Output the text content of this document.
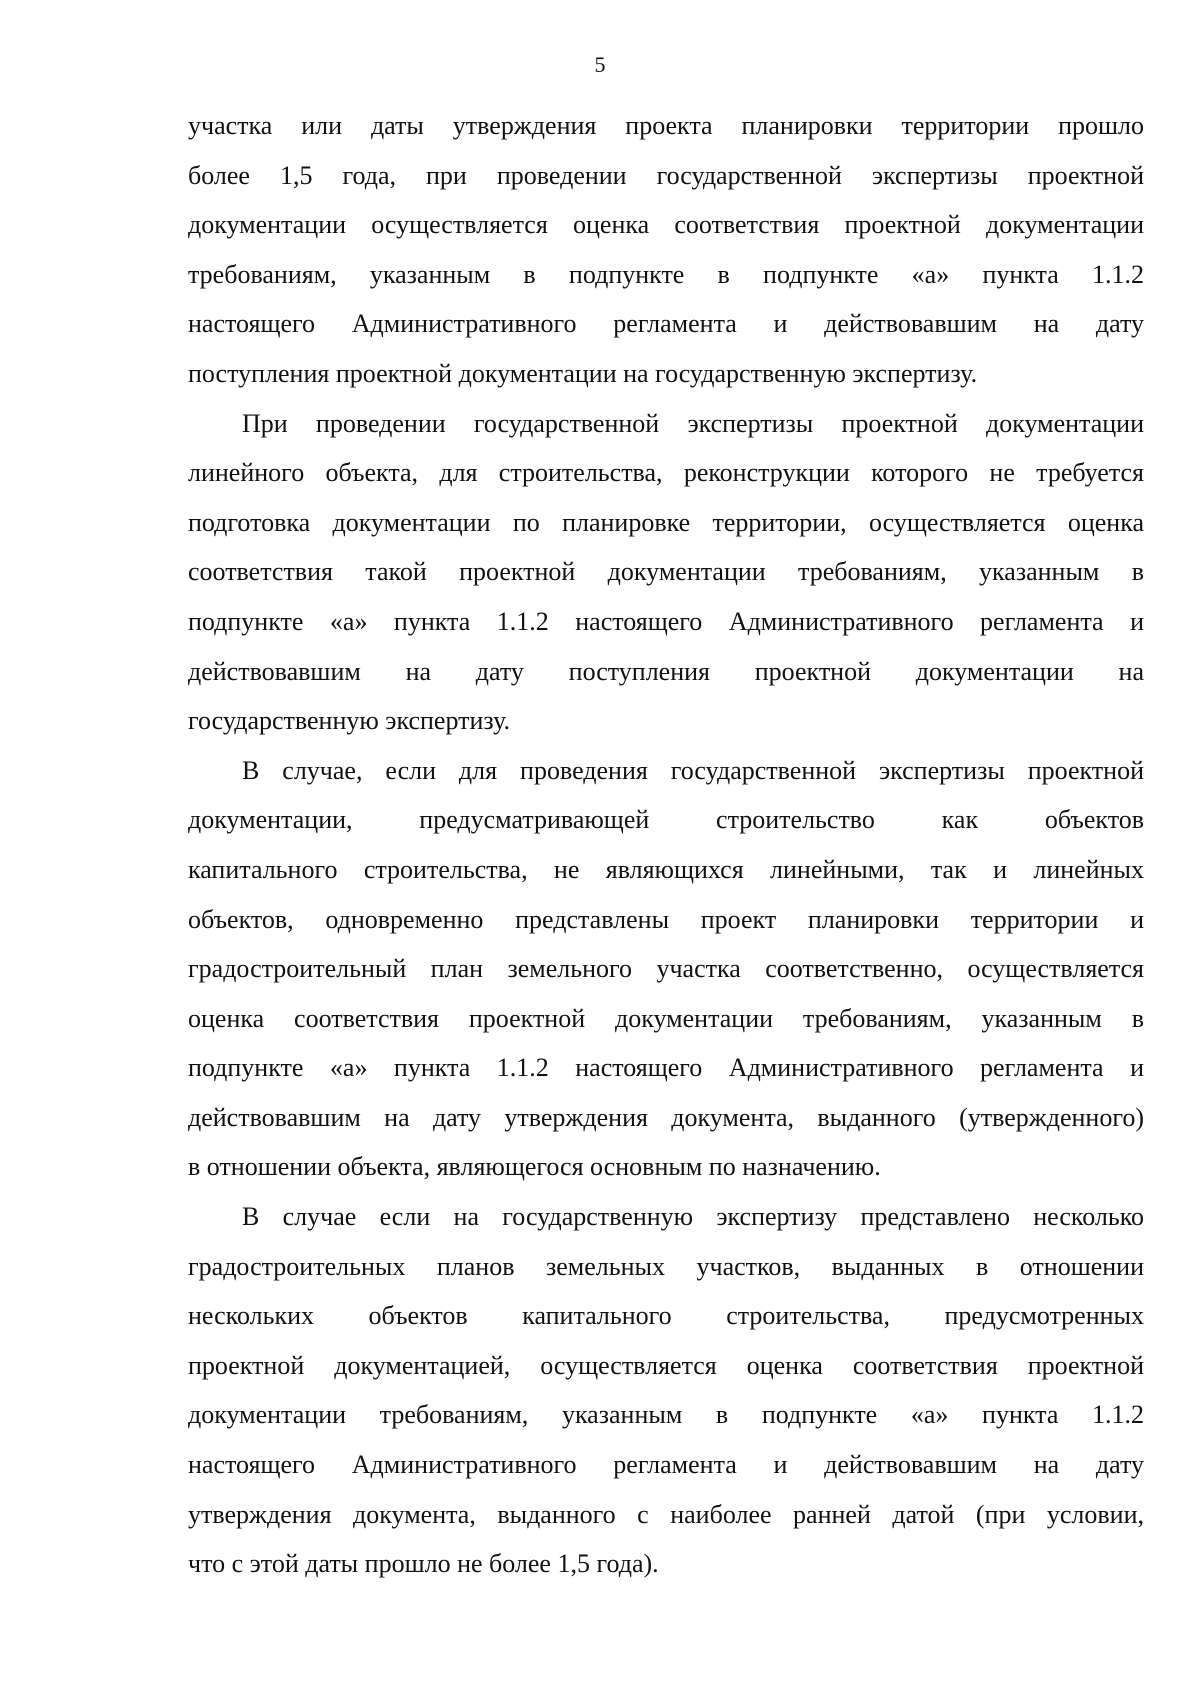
5
участка или даты утверждения проекта планировки территории прошло
более 1,5 года, при проведении государственной экспертизы проектной
документации осуществляется оценка соответствия проектной документации
требованиям, указанным в подпункте в подпункте «а» пункта 1.1.2
настоящего Административного регламента и действовавшим на дату
поступления проектной документации на государственную экспертизу.
При проведении государственной экспертизы проектной документации
линейного объекта, для строительства, реконструкции которого не требуется
подготовка документации по планировке территории, осуществляется оценка
соответствия такой проектной документации требованиям, указанным в
подпункте «а» пункта 1.1.2 настоящего Административного регламента и
действовавшим на дату поступления проектной документации на
государственную экспертизу.
В случае, если для проведения государственной экспертизы проектной
документации, предусматривающей строительство как объектов
капитального строительства, не являющихся линейными, так и линейных
объектов, одновременно представлены проект планировки территории и
градостроительный план земельного участка соответственно, осуществляется
оценка соответствия проектной документации требованиям, указанным в
подпункте «а» пункта 1.1.2 настоящего Административного регламента и
действовавшим на дату утверждения документа, выданного (утвержденного)
в отношении объекта, являющегося основным по назначению.
В случае если на государственную экспертизу представлено несколько
градостроительных планов земельных участков, выданных в отношении
нескольких объектов капитального строительства, предусмотренных
проектной документацией, осуществляется оценка соответствия проектной
документации требованиям, указанным в подпункте «а» пункта 1.1.2
настоящего Административного регламента и действовавшим на дату
утверждения документа, выданного с наиболее ранней датой (при условии,
что с этой даты прошло не более 1,5 года).
